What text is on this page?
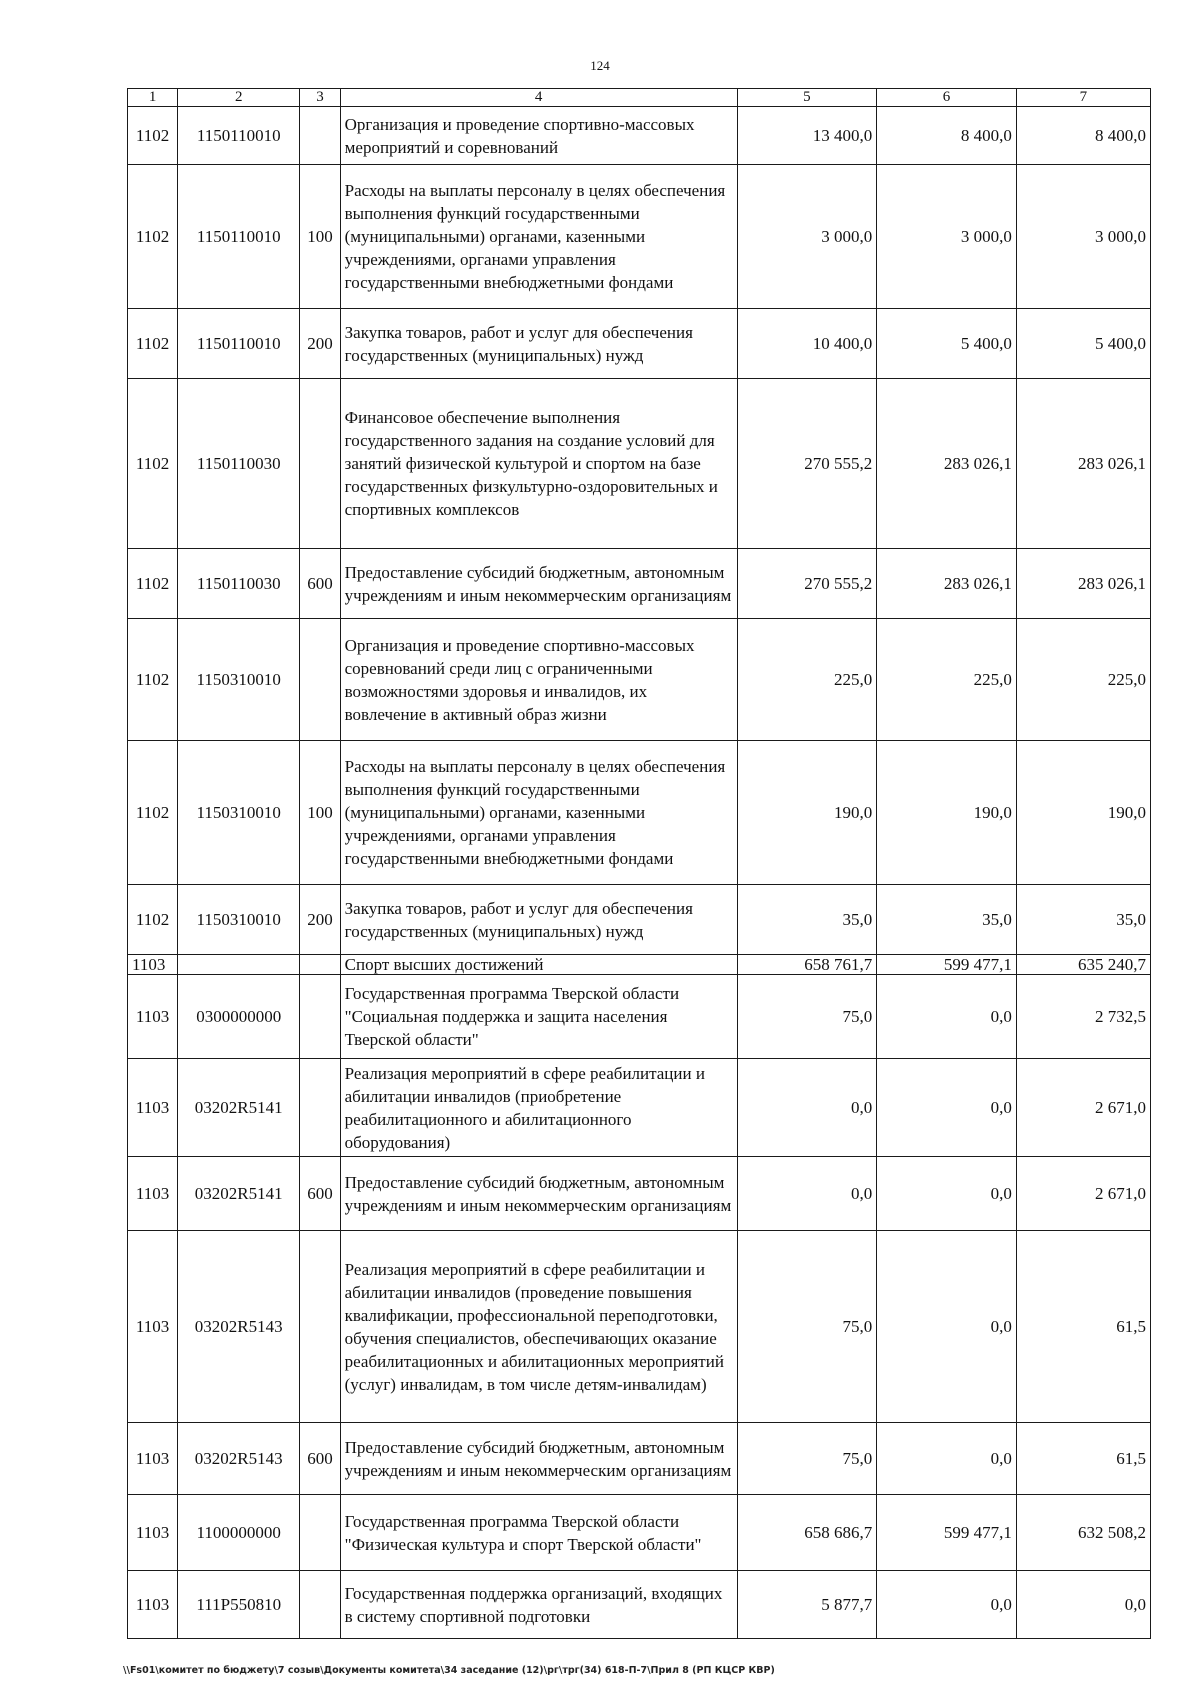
124
1	2	3	4	5	6	7
1102	1150110010		Организация и проведение спортивно-массовых мероприятий и соревнований	13 400,0	8 400,0	8 400,0
1102	1150110010	100	Расходы на выплаты персоналу в целях обеспечения выполнения функций государственными (муниципальными) органами, казенными учреждениями, органами управления государственными внебюджетными фондами	3 000,0	3 000,0	3 000,0
1102	1150110010	200	Закупка товаров, работ и услуг для обеспечения государственных (муниципальных) нужд	10 400,0	5 400,0	5 400,0
1102	1150110030		Финансовое обеспечение выполнения государственного задания на создание условий для занятий физической культурой и спортом на базе государственных физкультурно-оздоровительных и спортивных комплексов	270 555,2	283 026,1	283 026,1
1102	1150110030	600	Предоставление субсидий бюджетным, автономным учреждениям и иным некоммерческим организациям	270 555,2	283 026,1	283 026,1
1102	1150310010		Организация и проведение спортивно-массовых соревнований среди лиц с ограниченными возможностями здоровья и инвалидов, их вовлечение в активный образ жизни	225,0	225,0	225,0
1102	1150310010	100	Расходы на выплаты персоналу в целях обеспечения выполнения функций государственными (муниципальными) органами, казенными учреждениями, органами управления государственными внебюджетными фондами	190,0	190,0	190,0
1102	1150310010	200	Закупка товаров, работ и услуг для обеспечения государственных (муниципальных) нужд	35,0	35,0	35,0
1103			Спорт высших достижений	658 761,7	599 477,1	635 240,7
1103	0300000000		Государственная программа Тверской области "Социальная поддержка и защита населения Тверской области"	75,0	0,0	2 732,5
1103	03202R5141		Реализация мероприятий в сфере реабилитации и абилитации инвалидов (приобретение реабилитационного и абилитационного оборудования)	0,0	0,0	2 671,0
1103	03202R5141	600	Предоставление субсидий бюджетным, автономным учреждениям и иным некоммерческим организациям	0,0	0,0	2 671,0
1103	03202R5143		Реализация мероприятий в сфере реабилитации и абилитации инвалидов (проведение повышения квалификации, профессиональной переподготовки, обучения специалистов, обеспечивающих оказание реабилитационных и абилитационных мероприятий (услуг) инвалидам, в том числе детям-инвалидам)	75,0	0,0	61,5
1103	03202R5143	600	Предоставление субсидий бюджетным, автономным учреждениям и иным некоммерческим организациям	75,0	0,0	61,5
1103	1100000000		Государственная программа Тверской области "Физическая культура и спорт Тверской области"	658 686,7	599 477,1	632 508,2
1103	111P550810		Государственная поддержка организаций, входящих в систему спортивной подготовки	5 877,7	0,0	0,0
\\Fs01\комитет по бюджету\7 созыв\Документы комитета\34 заседание (12)\рг\трг(34) 618-П-7\Прил 8 (РП КЦСР КВР)
